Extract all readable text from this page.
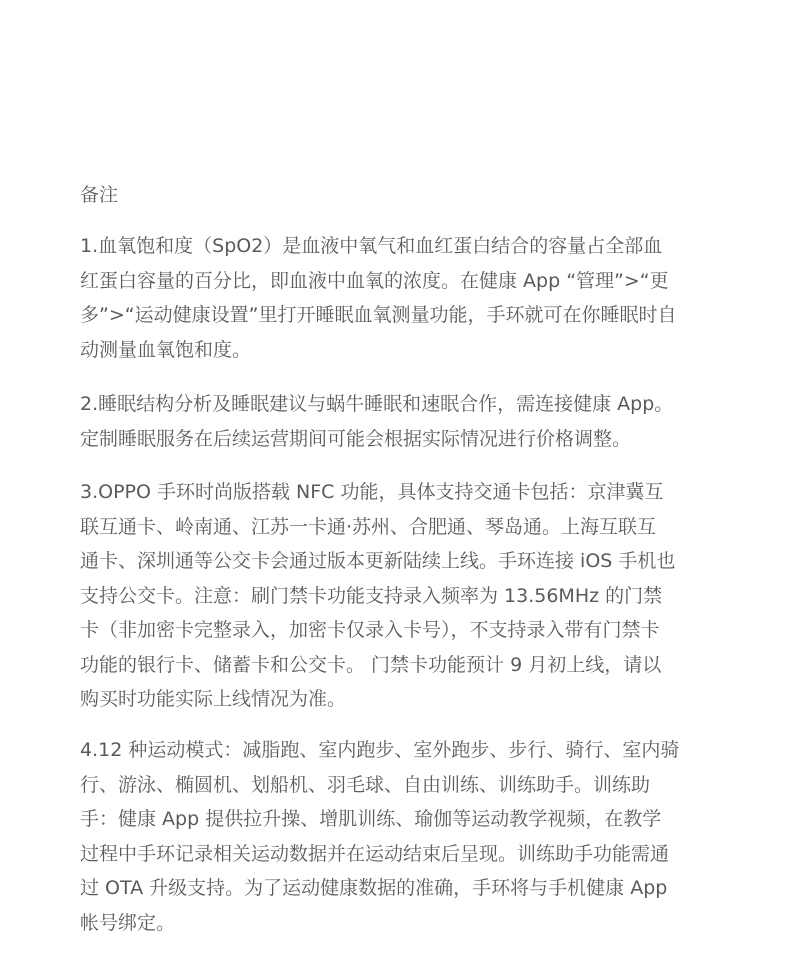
备注

1.血氧饱和度（SpO2）是血液中氧气和血红蛋白结合的容量占全部血
红蛋白容量的百分比，即血液中血氧的浓度。在健康 App “管理”>“更
多”>“运动健康设置”里打开睡眠血氧测量功能，手环就可在你睡眠时自
动测量血氧饱和度。

2.睡眠结构分析及睡眠建议与蜗牛睡眠和速眠合作，需连接健康 App。
定制睡眠服务在后续运营期间可能会根据实际情况进行价格调整。

3.OPPO 手环时尚版搭载 NFC 功能，具体支持交通卡包括：京津冀互
联互通卡、岭南通、江苏一卡通·苏州、合肥通、琴岛通。上海互联互
通卡、深圳通等公交卡会通过版本更新陆续上线。手环连接 iOS 手机也
支持公交卡。注意：刷门禁卡功能支持录入频率为 13.56MHz 的门禁
卡（非加密卡完整录入，加密卡仅录入卡号），不支持录入带有门禁卡
功能的银行卡、储蓄卡和公交卡。 门禁卡功能预计 9 月初上线，请以
购买时功能实际上线情况为准。

4.12 种运动模式：减脂跑、室内跑步、室外跑步、步行、骑行、室内骑
行、游泳、椭圆机、划船机、羽毛球、自由训练、训练助手。训练助
手：健康 App 提供拉升操、增肌训练、瑜伽等运动教学视频，在教学
过程中手环记录相关运动数据并在运动结束后呈现。训练助手功能需通
过 OTA 升级支持。为了运动健康数据的准确，手环将与手机健康 App
帐号绑定。
